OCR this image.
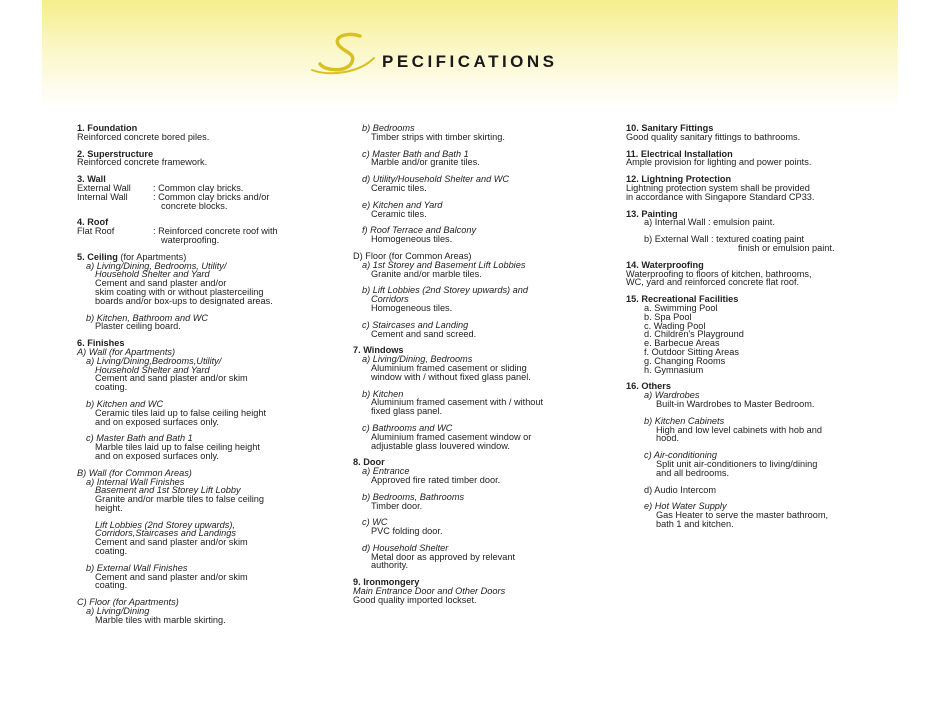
PECIFICATIONS
1. Foundation
Reinforced concrete bored piles.
2. Superstructure
Reinforced concrete framework.
3. Wall
External Wall	: Common clay bricks.
Internal Wall	: Common clay bricks and/or
concrete blocks.
4. Roof
Flat Roof	: Reinforced concrete roof with
waterproofing.
5. Ceiling (for Apartments)
a) Living/Dining, Bedrooms, Utility/
Household Shelter and Yard
Cement and sand plaster and/or
skim coating with or without plasterceiling
boards and/or box-ups to designated areas.
b) Kitchen, Bathroom and WC
Plaster ceiling board.
6. Finishes
A) Wall (for Apartments)
a) Living/Dining,Bedrooms,Utility/
Household Shelter and Yard
Cement and sand plaster and/or skim
coating.
b) Kitchen and WC
Ceramic tiles laid up to false ceiling height
and on exposed surfaces only.
c) Master Bath and Bath 1
Marble tiles laid up to false ceiling height
and on exposed surfaces only.
B) Wall (for Common Areas)
a) Internal Wall Finishes
Basement and 1st Storey Lift Lobby
Granite and/or marble tiles to false ceiling
height.
Lift Lobbies (2nd Storey upwards),
Corridors,Staircases and Landings
Cement and sand plaster and/or skim
coating.
b) External Wall Finishes
Cement and sand plaster and/or skim
coating.
C) Floor (for Apartments)
a) Living/Dining
Marble tiles with marble skirting.
b) Bedrooms
Timber strips with timber skirting.
c) Master Bath and Bath 1
Marble and/or granite tiles.
d) Utility/Household Shelter and WC
Ceramic tiles.
e) Kitchen and Yard
Ceramic tiles.
f) Roof Terrace and Balcony
Homogeneous tiles.
D) Floor (for Common Areas)
a) 1st Storey and Basement Lift Lobbies
Granite and/or marble tiles.
b) Lift Lobbies (2nd Storey upwards) and
Corridors
Homogeneous tiles.
c) Staircases and Landing
Cement and sand screed.
7. Windows
a) Living/Dining, Bedrooms
Aluminium framed casement or sliding
window with / without fixed glass panel.
b) Kitchen
Aluminium framed casement with / without
fixed glass panel.
c) Bathrooms and WC
Aluminium framed casement window or
adjustable glass louvered window.
8. Door
a) Entrance
Approved fire rated timber door.
b) Bedrooms, Bathrooms
Timber door.
c) WC
PVC folding door.
d) Household Shelter
Metal door as approved by relevant
authority.
9. Ironmongery
Main Entrance Door and Other Doors
Good quality imported lockset.
10. Sanitary Fittings
Good quality sanitary fittings to bathrooms.
11. Electrical Installation
Ample provision for lighting and power points.
12. Lightning Protection
Lightning protection system shall be provided
in accordance with Singapore Standard CP33.
13. Painting
a) Internal Wall : emulsion paint.
b) External Wall : textured coating paint
finish or emulsion paint.
14. Waterproofing
Waterproofing to floors of kitchen, bathrooms,
WC, yard and reinforced concrete flat roof.
15. Recreational Facilities
a. Swimming Pool
b. Spa Pool
c. Wading Pool
d. Children's Playground
e. Barbecue Areas
f. Outdoor Sitting Areas
g. Changing Rooms
h. Gymnasium
16. Others
a) Wardrobes
Built-in Wardrobes to Master Bedroom.
b) Kitchen Cabinets
High and low level cabinets with hob and
hood.
c) Air-conditioning
Split unit air-conditioners to living/dining
and all bedrooms.
d) Audio Intercom
e) Hot Water Supply
Gas Heater to serve the master bathroom,
bath 1 and kitchen.
